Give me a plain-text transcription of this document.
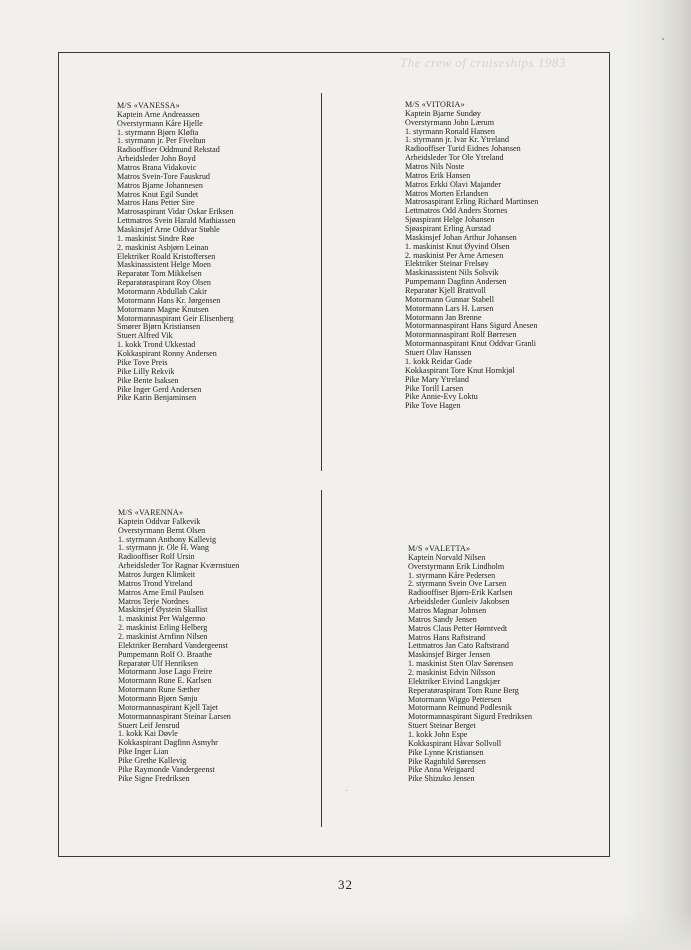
The crew of cruiseships 1983
M/S «VANESSA»
Kaptein Arne Andreassen
Overstyrmann Kåre Hjelle
1. styrmann Bjørn Kløfta
1. styrmann jr. Per Fiveltun
Radiooffiser Oddmund Rekstad
Arbeidsleder John Boyd
Matros Brana Vidakovic
Matros Svein-Tore Fauskrud
Matros Bjarne Johannesen
Matros Knut Egil Sundet
Matros Hans Petter Sire
Matrosaspirant Vidar Oskar Eriksen
Lettmatros Svein Harald Mathiassen
Maskinsjef Arne Oddvar Støhle
1. maskinist Sindre Røe
2. maskinist Asbjørn Leinan
Elektriker Roald Kristoffersen
Maskinassistent Helge Moen
Reparatør Tom Mikkelsen
Reparatøraspirant Roy Olsen
Motormann Abdullah Cakir
Motormann Hans Kr. Jørgensen
Motormann Magne Knutsen
Motormannaspirant Geir Elisenberg
Smører Bjørn Kristiansen
Stuert Alfred Vik
1. kokk Trond Ukkestad
Kokkaspirant Ronny Andersen
Pike Tove Preis
Pike Lilly Rekvik
Pike Bente Isaksen
Pike Inger Gerd Andersen
Pike Karin Benjaminsen
M/S «VITORIA»
Kaptein Bjarne Sundøy
Overstyrmann John Lærum
1. styrmann Ronald Hansen
1. styrmann jr. Ivar Kr. Ytreland
Radiooffiser Turid Eidnes Johansen
Arbeidsleder Tor Ole Ytreland
Matros Nils Noste
Matros Erik Hansen
Matros Erkki Olavi Majander
Matros Morten Erlandsen
Matrosaspirant Erling Richard Martinsen
Lettmatros Odd Anders Stornes
Sjøaspirant Helge Johansen
Sjøaspirant Erling Aurstad
Maskinsjef Johan Arthur Johansen
1. maskinist Knut Øyvind Olsen
2. maskinist Per Arne Arnesen
Elektriker Steinar Frelsøy
Maskinassistent Nils Solsvik
Pumpemann Dagfinn Andersen
Reparatør Kjell Brattvoll
Motormann Gunnar Stabell
Motormann Lars H. Larsen
Motormann Jan Brenne
Motormannaspirant Hans Sigurd Ånesen
Motormannaspirant Rolf Børresen
Motormannaspirant Knut Oddvar Granli
Stuert Olav Hanssen
1. kokk Reidar Gade
Kokkaspirant Tore Knut Hornkjøl
Pike Mary Ytreland
Pike Torill Larsen
Pike Annie-Evy Loktu
Pike Tove Hagen
M/S «VARENNA»
Kaptein Oddvar Falkevik
Overstyrmann Bernt Olsen
1. styrmann Anthony Kallevig
1. styrmann jr. Ole H. Wang
Radiooffiser Rolf Ursin
Arbeidsleder Tor Ragnar Kværnstuen
Matros Jurgen Klimkeit
Matros Trond Ytreland
Matros Arne Emil Paulsen
Matros Terje Nordnes
Maskinsjef Øystein Skallist
1. maskinist Per Walgermo
2. maskinist Erling Helberg
2. maskinist Arnfinn Nilsen
Elektriker Bernhard Vandergeenst
Pumpemann Rolf O. Braathe
Reparatør Ulf Henriksen
Motormann Jose Lago Freire
Motormann Rune E. Karlsen
Motormann Rune Sæther
Motormann Bjørn Sønju
Motormannaspirant Kjell Tajet
Motormannaspirant Steinar Larsen
Stuert Leif Jensrud
1. kokk Kai Døvle
Kokkaspirant Dagfinn Asmyhr
Pike Inger Lian
Pike Grethe Kallevig
Pike Raymonde Vandergeenst
Pike Signe Fredriksen
M/S «VALETTA»
Kaptein Norvald Nilsen
Overstyrmann Erik Lindholm
1. styrmann Kåre Pedersen
2. styrmann Svein Ove Larsen
Radiooffiser Bjørn-Erik Karlsen
Arbeidsleder Gunleiv Jakobsen
Matros Magnar Johnsen
Matros Sandy Jensen
Matros Claus Petter Hørntvedt
Matros Hans Raftstrand
Lettmatros Jan Cato Raftstrand
Maskinsjef Birger Jensen
1. maskinist Sten Olav Sørensen
2. maskinist Edvin Nilsson
Elektriker Eivind Langskjær
Reperatøraspirant Tom Rune Berg
Motormann Wiggo Pettersen
Motormann Reimund Podlesnik
Motormannaspirant Sigurd Fredriksen
Stuert Steinar Berget
1. kokk John Espe
Kokkaspirant Håvar Sollvoll
Pike Lynne Kristiansen
Pike Ragnhild Sørensen
Pike Anna Weigaard
Pike Shizuko Jensen
32
